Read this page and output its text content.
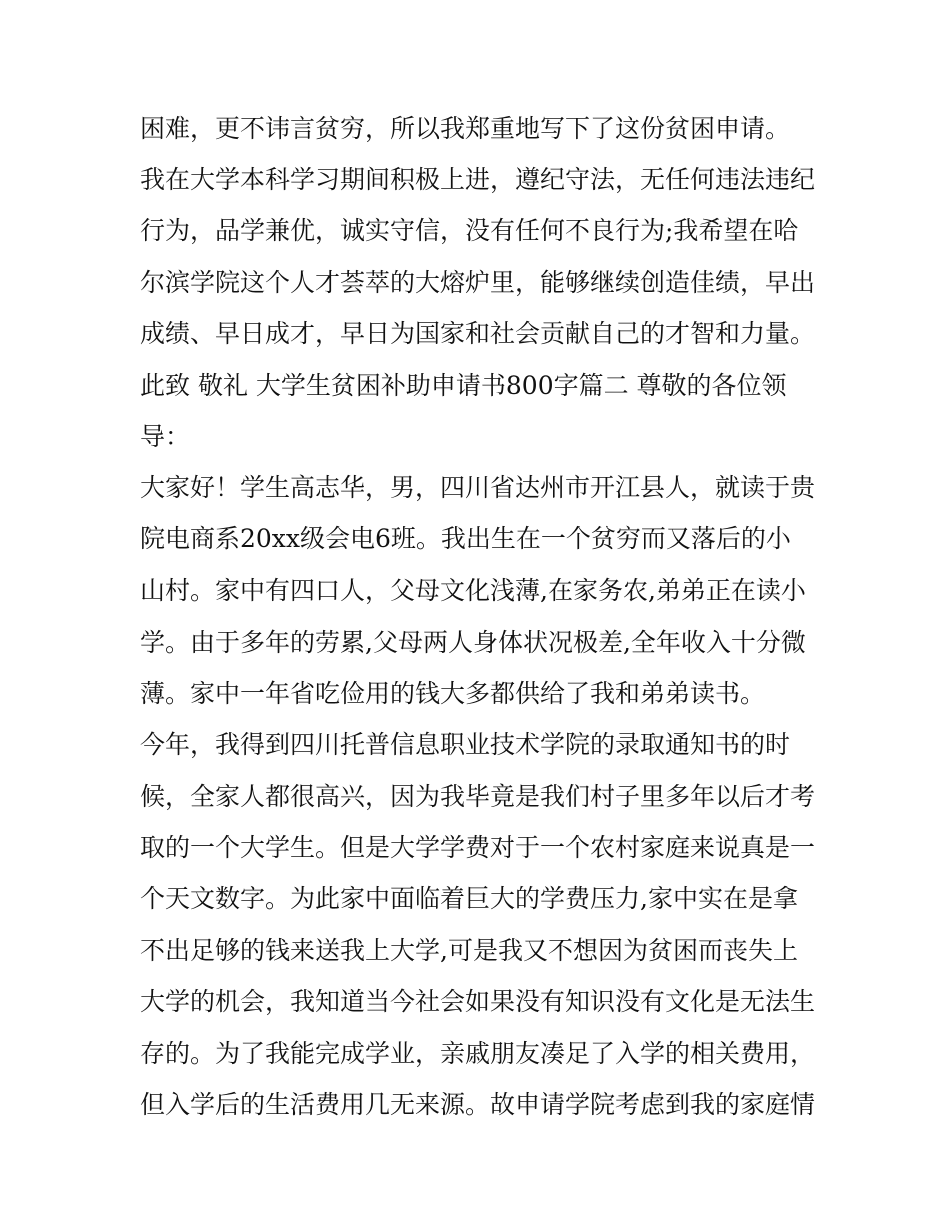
困难，更不讳言贫穷，所以我郑重地写下了这份贫困申请。
我在大学本科学习期间积极上进，遵纪守法，无任何违法违纪
行为，品学兼优，诚实守信，没有任何不良行为;我希望在哈
尔滨学院这个人才荟萃的大熔炉里，能够继续创造佳绩，早出
成绩、早日成才，早日为国家和社会贡献自己的才智和力量。
此致 敬礼 大学生贫困补助申请书800字篇二 尊敬的各位领
导：
大家好！学生高志华，男，四川省达州市开江县人，就读于贵
院电商系20xx级会电6班。我出生在一个贫穷而又落后的小
山村。家中有四口人，父母文化浅薄,在家务农,弟弟正在读小
学。由于多年的劳累,父母两人身体状况极差,全年收入十分微
薄。家中一年省吃俭用的钱大多都供给了我和弟弟读书。
今年，我得到四川托普信息职业技术学院的录取通知书的时
候，全家人都很高兴，因为我毕竟是我们村子里多年以后才考
取的一个大学生。但是大学学费对于一个农村家庭来说真是一
个天文数字。为此家中面临着巨大的学费压力,家中实在是拿
不出足够的钱来送我上大学,可是我又不想因为贫困而丧失上
大学的机会，我知道当今社会如果没有知识没有文化是无法生
存的。为了我能完成学业，亲戚朋友凑足了入学的相关费用，
但入学后的生活费用几无来源。故申请学院考虑到我的家庭情
